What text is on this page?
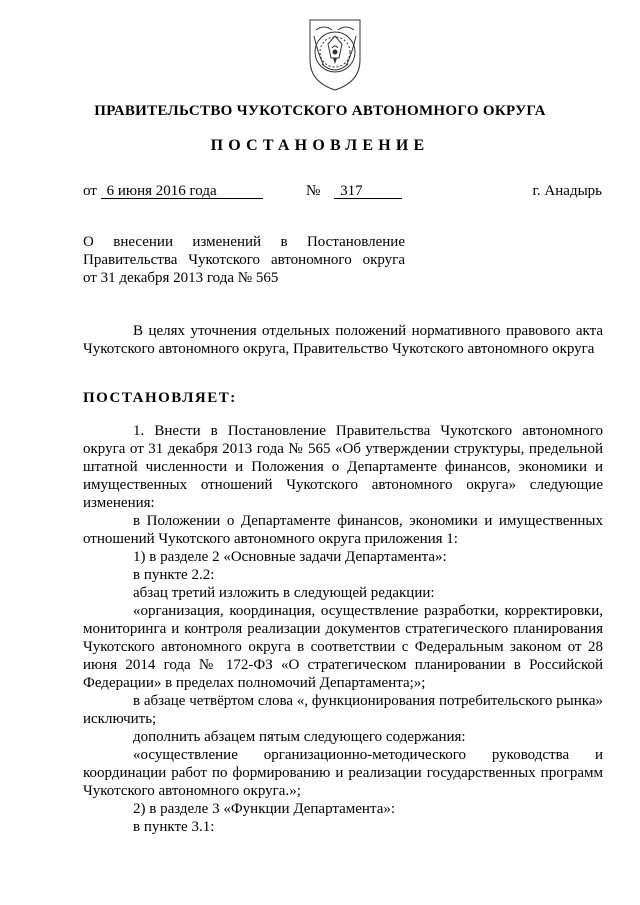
ПРАВИТЕЛЬСТВО ЧУКОТСКОГО АВТОНОМНОГО ОКРУГА
ПОСТАНОВЛЕНИЕ
от 6 июня 2016 года	№ 317	г. Анадырь
О внесении изменений в Постановление
Правительства Чукотского автономного округа
от 31 декабря 2013 года № 565

В целях уточнения отдельных положений нормативного правового акта Чукотского автономного округа, Правительство Чукотского автономного округа

ПОСТАНОВЛЯЕТ:

1. Внести в Постановление Правительства Чукотского автономного округа от 31 декабря 2013 года № 565 «Об утверждении структуры, предельной штатной численности и Положения о Департаменте финансов, экономики и имущественных отношений Чукотского автономного округа» следующие изменения:

в Положении о Департаменте финансов, экономики и имущественных отношений Чукотского автономного округа приложения 1:

1) в разделе 2 «Основные задачи Департамента»:

в пункте 2.2:

абзац третий изложить в следующей редакции:

«организация, координация, осуществление разработки, корректировки, мониторинга и контроля реализации документов стратегического планирования Чукотского автономного округа в соответствии с Федеральным законом от 28 июня 2014 года № 172-ФЗ «О стратегическом планировании в Российской Федерации» в пределах полномочий Департамента;»;

в абзаце четвёртом слова «, функционирования потребительского рынка» исключить;

дополнить абзацем пятым следующего содержания:

«осуществление организационно-методического руководства и координации работ по формированию и реализации государственных программ Чукотского автономного округа.»;

2) в разделе 3 «Функции Департамента»:

в пункте 3.1:
